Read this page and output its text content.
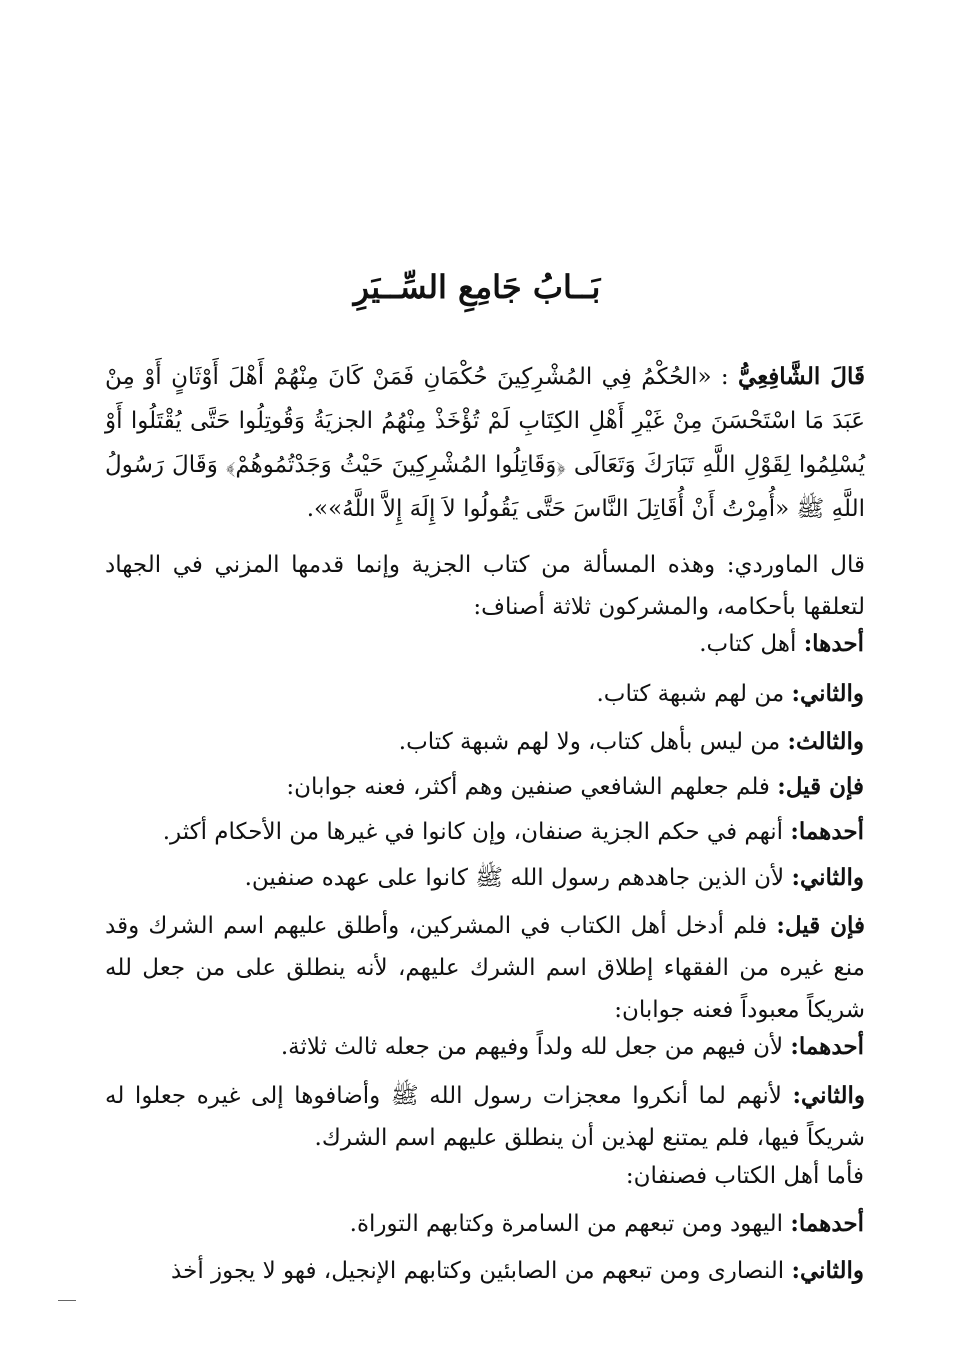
بَــابُ جَامِعِ السِّــيَرِ
قَالَ الشَّافِعِيُّ : «الحُكْمُ فِي المُشْرِكِينَ حُكْمَانِ فَمَنْ كَانَ مِنْهُمْ أَهْلَ أَوْثَانٍ أَوْ مِنْ عَبَدَ مَا اسْتَحْسَنَ مِنْ غَيْرِ أَهْلِ الكِتَابِ لَمْ تُؤْخَذْ مِنْهُمُ الجزيَةُ وَقُوتِلُوا حَتَّى يُقْتَلُوا أَوْ يُسْلِمُوا لِقَوْلِ اللَّهِ تَبَارَكَ وَتَعَالَى ﴿وَقَاتِلُوا المُشْرِكِينَ حَيْثُ وَجَدْتُمُوهُمْ﴾ وَقَالَ رَسُولُ اللَّهِ ﷺ «أُمِرْتُ أَنْ أُقَاتِلَ النَّاسَ حَتَّى يَقُولُوا لاَ إِلَهَ إِلاَّ اللَّهُ»».
قال الماوردي: وهذه المسألة من كتاب الجزية وإنما قدمها المزني في الجهاد لتعلقها بأحكامه، والمشركون ثلاثة أصناف:
أحدها: أهل كتاب.
والثاني: من لهم شبهة كتاب.
والثالث: من ليس بأهل كتاب، ولا لهم شبهة كتاب.
فإن قيل: فلم جعلهم الشافعي صنفين وهم أكثر، فعنه جوابان:
أحدهما: أنهم في حكم الجزية صنفان، وإن كانوا في غيرها من الأحكام أكثر.
والثاني: لأن الذين جاهدهم رسول الله ﷺ كانوا على عهده صنفين.
فإن قيل: فلم أدخل أهل الكتاب في المشركين، وأطلق عليهم اسم الشرك وقد منع غيره من الفقهاء إطلاق اسم الشرك عليهم، لأنه ينطلق على من جعل لله شريكاً معبوداً فعنه جوابان:
أحدهما: لأن فيهم من جعل لله ولداً وفيهم من جعله ثالث ثلاثة.
والثاني: لأنهم لما أنكروا معجزات رسول الله ﷺ وأضافوها إلى غيره جعلوا له شريكاً فيها، فلم يمتنع لهذين أن ينطلق عليهم اسم الشرك.
فأما أهل الكتاب فصنفان:
أحدهما: اليهود ومن تبعهم من السامرة وكتابهم التوراة.
والثاني: النصارى ومن تبعهم من الصابئين وكتابهم الإنجيل، فهو لا يجوز أخذ
